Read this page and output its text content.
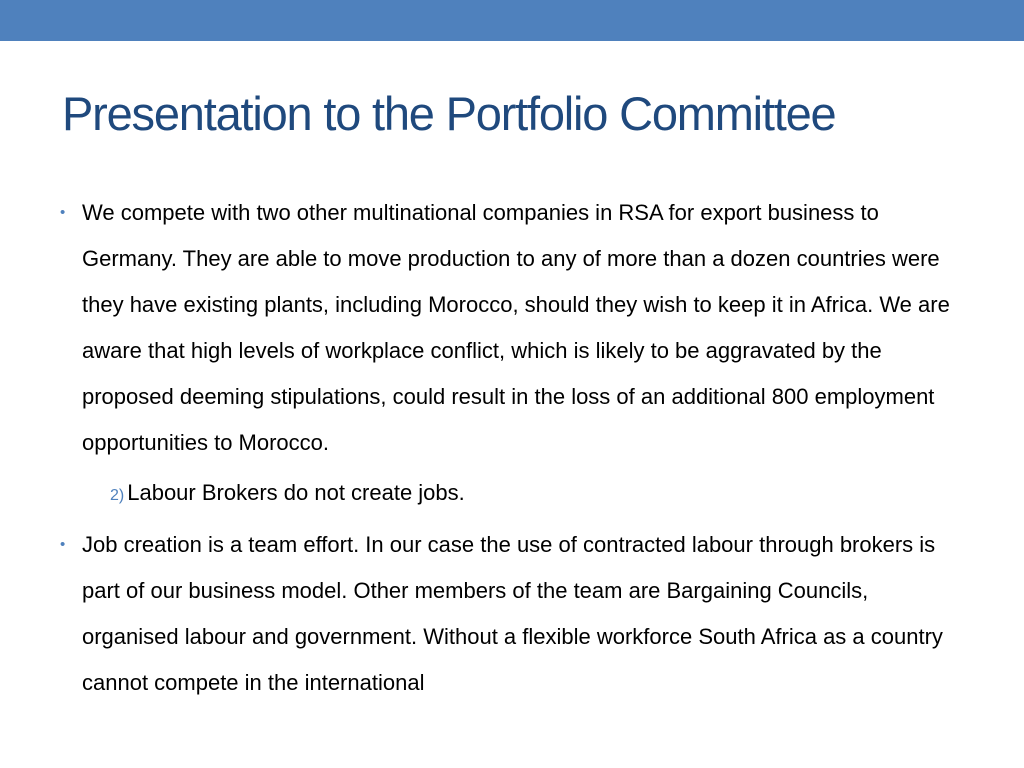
Presentation to the Portfolio Committee
• We compete with two other multinational companies in RSA for export business to Germany. They are able to move production to any of more than a dozen countries were they have existing plants, including Morocco, should they wish to keep it in Africa. We are aware that high levels of workplace conflict, which is likely to be aggravated by the proposed deeming stipulations, could result in the loss of an additional 800 employment opportunities to Morocco.
2) Labour Brokers do not create jobs.
• Job creation is a team effort. In our case the use of contracted labour through brokers is part of our business model. Other members of the team are Bargaining Councils, organised labour and government. Without a flexible workforce South Africa as a country cannot compete in the international
